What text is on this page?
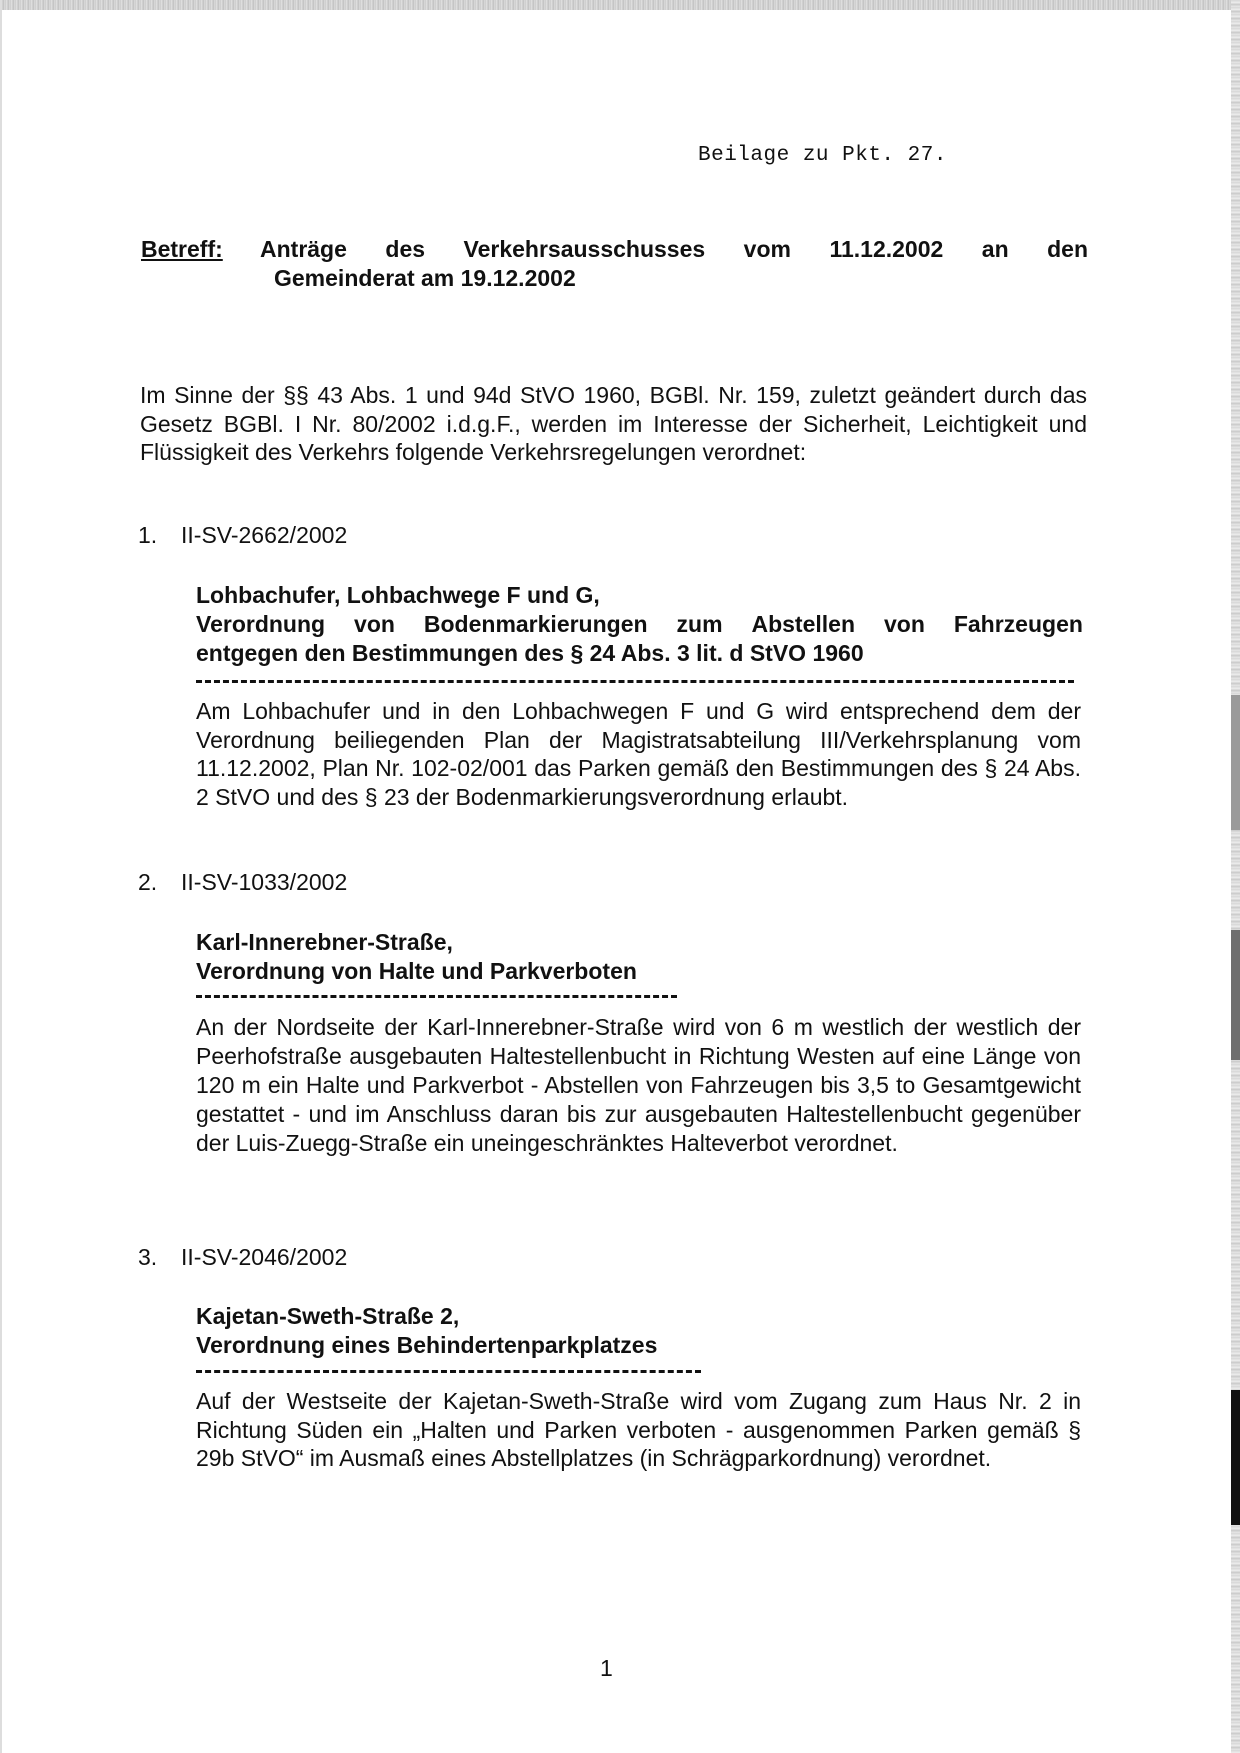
Beilage zu Pkt. 27.
Betreff: Anträge des Verkehrsausschusses vom 11.12.2002 an den
Gemeinderat am 19.12.2002
Im Sinne der §§ 43 Abs. 1 und 94d StVO 1960, BGBl. Nr. 159, zuletzt geändert durch das Gesetz BGBl. I Nr. 80/2002 i.d.g.F., werden im Interesse der Sicherheit, Leichtigkeit und Flüssigkeit des Verkehrs folgende Verkehrsregelungen verordnet:
1. II-SV-2662/2002
Lohbachufer, Lohbachwege F und G,
Verordnung von Bodenmarkierungen zum Abstellen von Fahrzeugen
entgegen den Bestimmungen des § 24 Abs. 3 lit. d StVO 1960
Am Lohbachufer und in den Lohbachwegen F und G wird entsprechend dem der Verordnung beiliegenden Plan der Magistratsabteilung III/Verkehrsplanung vom 11.12.2002, Plan Nr. 102-02/001 das Parken gemäß den Bestimmungen des § 24 Abs. 2 StVO und des § 23 der Bodenmarkierungsverordnung erlaubt.
2. II-SV-1033/2002
Karl-Innerebner-Straße,
Verordnung von Halte und Parkverboten
An der Nordseite der Karl-Innerebner-Straße wird von 6 m westlich der westlich der Peerhofstraße ausgebauten Haltestellenbucht in Richtung Westen auf eine Länge von 120 m ein Halte und Parkverbot - Abstellen von Fahrzeugen bis 3,5 to Gesamtgewicht gestattet - und im Anschluss daran bis zur ausgebauten Haltestellenbucht gegenüber der Luis-Zuegg-Straße ein uneingeschränktes Halteverbot verordnet.
3. II-SV-2046/2002
Kajetan-Sweth-Straße 2,
Verordnung eines Behindertenparkplatzes
Auf der Westseite der Kajetan-Sweth-Straße wird vom Zugang zum Haus Nr. 2 in Richtung Süden ein „Halten und Parken verboten - ausgenommen Parken gemäß § 29b StVO“ im Ausmaß eines Abstellplatzes (in Schrägparkordnung) verordnet.
1
